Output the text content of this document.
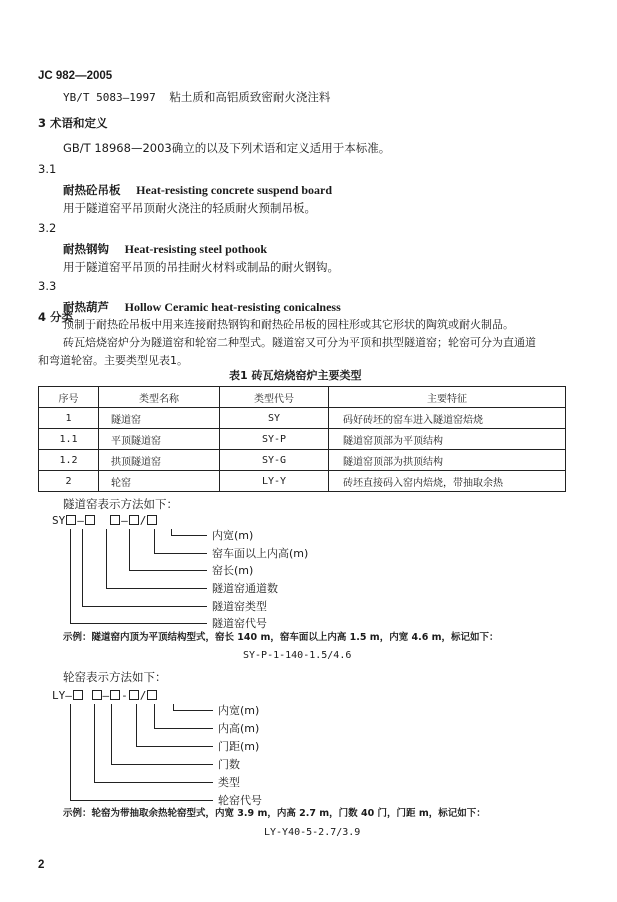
JC 982—2005
YB/T 5083—1997 粘土质和高铝质致密耐火浇注料
3 术语和定义
GB/T 18968—2003确立的以及下列术语和定义适用于本标准。
3.1
耐热砼吊板 Heat-resisting concrete suspend board
用于隧道窑平吊顶耐火浇注的轻质耐火预制吊板。
3.2
耐热钢钩 Heat-resisting steel pothook
用于隧道窑平吊顶的吊挂耐火材料或制品的耐火钢钩。
3.3
耐热葫芦 Hollow Ceramic heat-resisting conicalness
预制于耐热砼吊板中用来连接耐热钢钩和耐热砼吊板的园柱形或其它形状的陶筑或耐火制品。
4 分类
砖瓦焙烧窑炉分为隧道窑和轮窑二种型式。隧道窑又可分为平顶和拱型隧道窑；轮窑可分为直通道
和弯道轮窑。主要类型见表1。
表1 砖瓦焙烧窑炉主要类型
序号	类型名称	类型代号	主要特征
1	隧道窑	SY	码好砖坯的窑车进入隧道窑焙烧
1.1	平顶隧道窑	SY-P	隧道窑顶部为平顶结构
1.2	拱顶隧道窑	SY-G	隧道窑顶部为拱顶结构
2	轮窑	LY-Y	砖坯直接码入窑内焙烧，带抽取余热
隧道窑表示方法如下：
SY —	— /
内宽(m)
窑车面以上内高(m)
窑长(m)
隧道窑通道数
隧道窑类型
隧道窑代号
示例：隧道窑内顶为平顶结构型式，窑长 140 m，窑车面以上内高 1.5 m，内宽 4.6 m，标记如下：
SY-P-1-140-1.5/4.6
轮窑表示方法如下：
LY—	— - /
内宽(m)
内高(m)
门距(m)
门数
类型
轮窑代号
示例：轮窑为带抽取余热轮窑型式，内宽 3.9 m，内高 2.7 m，门数 40 门，门距 m，标记如下：
LY-Y40-5-2.7/3.9
2
